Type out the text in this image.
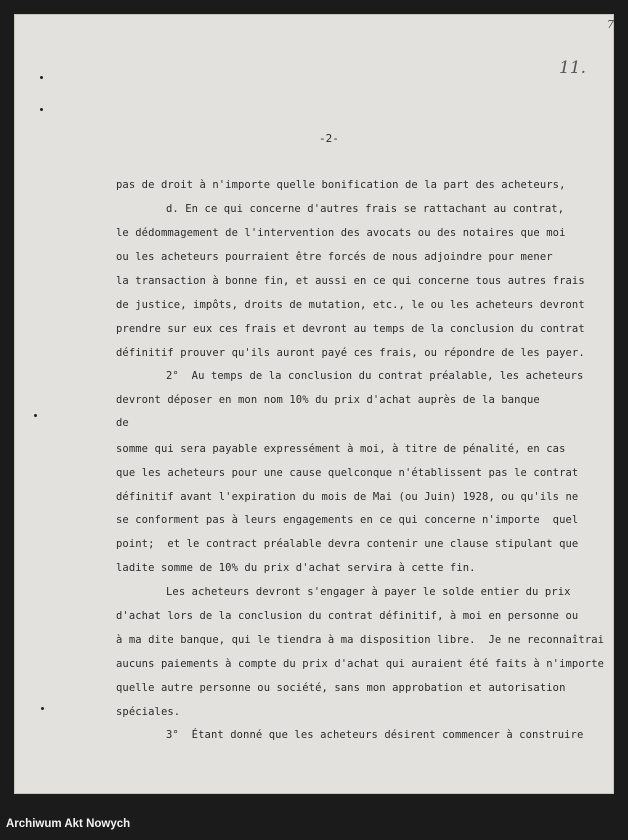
7
11.
-2-
pas de droit à n'importe quelle bonification de la part des acheteurs,
d. En ce qui concerne d'autres frais se rattachant au contrat,
le dédommagement de l'intervention des avocats ou des notaires que moi
ou les acheteurs pourraient être forcés de nous adjoindre pour mener
la transaction à bonne fin, et aussi en ce qui concerne tous autres frais
de justice, impôts, droits de mutation, etc., le ou les acheteurs devront
prendre sur eux ces frais et devront au temps de la conclusion du contrat
définitif prouver qu'ils auront payé ces frais, ou répondre de les payer.
2°  Au temps de la conclusion du contrat préalable, les acheteurs
devront déposer en mon nom 10% du prix d'achat auprès de la banque
de
somme qui sera payable expressément à moi, à titre de pénalité, en cas
que les acheteurs pour une cause quelconque n'établissent pas le contrat
définitif avant l'expiration du mois de Mai (ou Juin) 1928, ou qu'ils ne
se conforment pas à leurs engagements en ce qui concerne n'importe  quel
point;  et le contract préalable devra contenir une clause stipulant que
ladite somme de 10% du prix d'achat servira à cette fin.
Les acheteurs devront s'engager à payer le solde entier du prix
d'achat lors de la conclusion du contrat définitif, à moi en personne ou
à ma dite banque, qui le tiendra à ma disposition libre.  Je ne reconnaîtrai
aucuns paiements à compte du prix d'achat qui auraient été faits à n'importe
quelle autre personne ou société, sans mon approbation et autorisation
spéciales.
3°  Étant donné que les acheteurs désirent commencer à construire
Archiwum Akt Nowych
